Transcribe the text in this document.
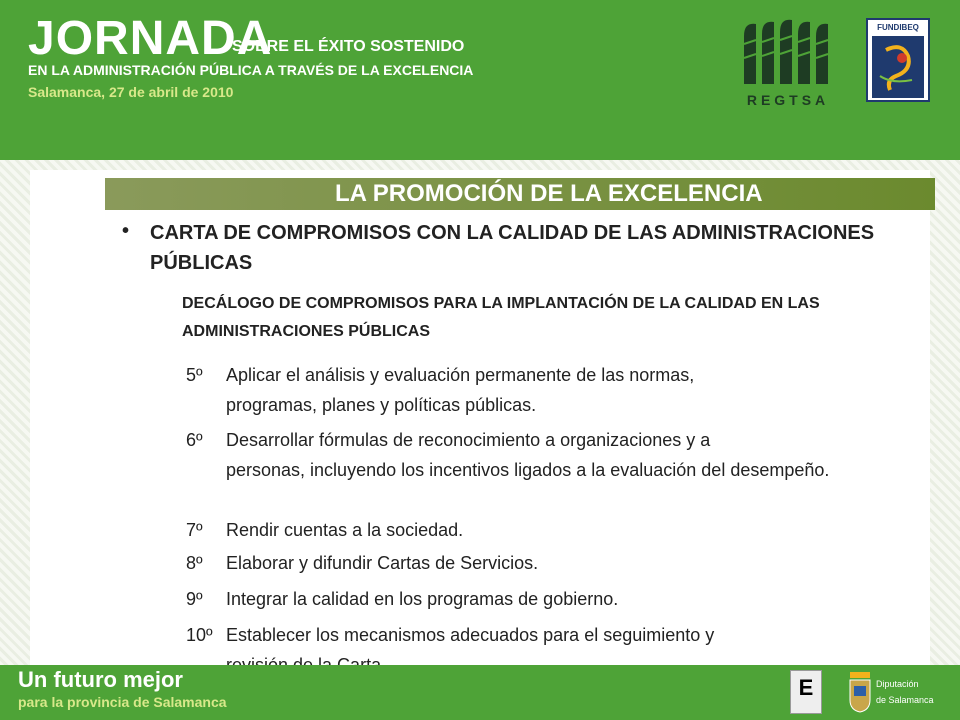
JORNADA
SOBRE EL ÉXITO SOSTENIDO
EN LA ADMINISTRACIÓN PÚBLICA A TRAVÉS DE LA EXCELENCIA
Salamanca, 27 de abril de 2010	REGTSA
FUNDIBEQ
LA PROMOCIÓN DE LA EXCELENCIA
• CARTA DE COMPROMISOS CON LA CALIDAD DE LAS ADMINISTRACIONES PÚBLICAS
DECÁLOGO DE COMPROMISOS PARA LA IMPLANTACIÓN DE LA CALIDAD EN LAS ADMINISTRACIONES PÚBLICAS
5º Aplicar el análisis y evaluación permanente de las normas,
programas, planes y políticas públicas.
6º Desarrollar fórmulas de reconocimiento a organizaciones y a
personas, incluyendo los incentivos ligados a la evaluación del desempeño.
7º Rendir cuentas a la sociedad.
8º Elaborar y difundir Cartas de Servicios.
9º Integrar la calidad en los programas de gobierno.
10º Establecer los mecanismos adecuados para el seguimiento y
Un futuro mejor
para la provincia de Salamanca
E	Diputación
de Salamanca
